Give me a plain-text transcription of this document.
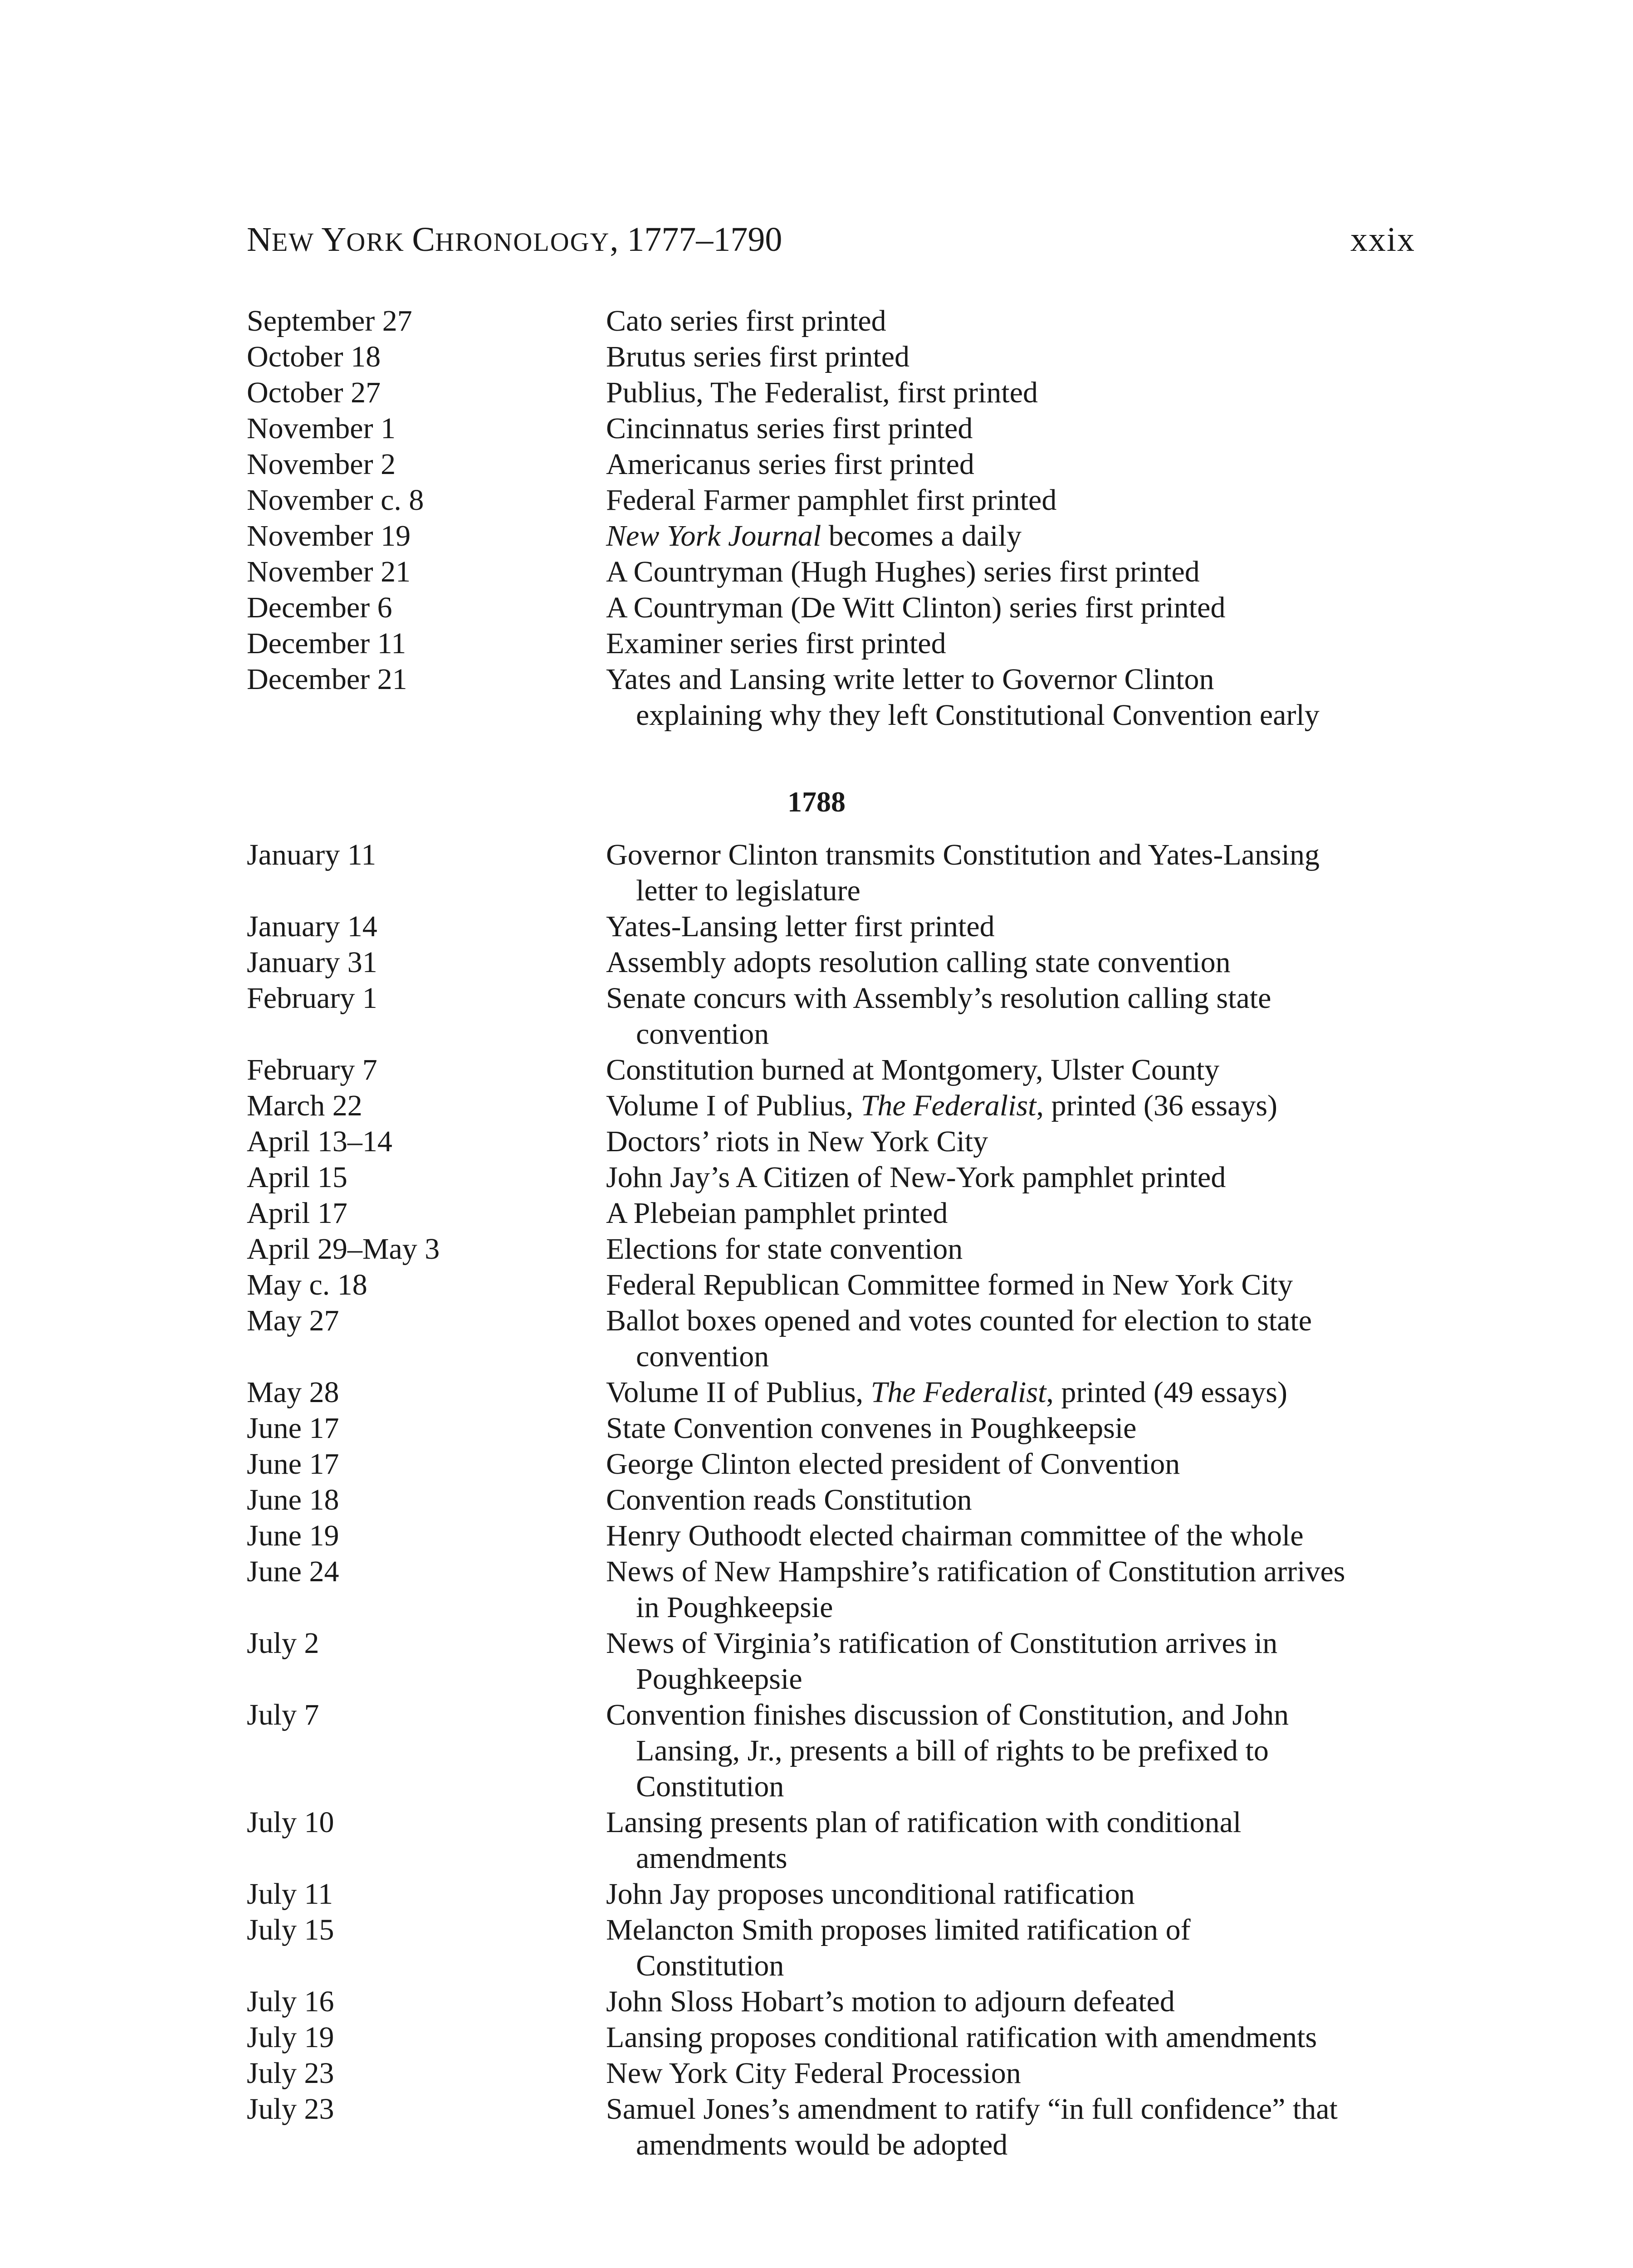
NEW YORK CHRONOLOGY, 1777–1790	xxix
September 27	Cato series first printed
October 18	Brutus series first printed
October 27	Publius, The Federalist, first printed
November 1	Cincinnatus series first printed
November 2	Americanus series first printed
November c. 8	Federal Farmer pamphlet first printed
November 19	New York Journal becomes a daily
November 21	A Countryman (Hugh Hughes) series first printed
December 6	A Countryman (De Witt Clinton) series first printed
December 11	Examiner series first printed
December 21	Yates and Lansing write letter to Governor Clinton
explaining why they left Constitutional Convention early
1788
January 11	Governor Clinton transmits Constitution and Yates-Lansing
letter to legislature
January 14	Yates-Lansing letter first printed
January 31	Assembly adopts resolution calling state convention
February 1	Senate concurs with Assembly’s resolution calling state
convention
February 7	Constitution burned at Montgomery, Ulster County
March 22	Volume I of Publius, The Federalist, printed (36 essays)
April 13–14	Doctors’ riots in New York City
April 15	John Jay’s A Citizen of New-York pamphlet printed
April 17	A Plebeian pamphlet printed
April 29–May 3	Elections for state convention
May c. 18	Federal Republican Committee formed in New York City
May 27	Ballot boxes opened and votes counted for election to state
convention
May 28	Volume II of Publius, The Federalist, printed (49 essays)
June 17	State Convention convenes in Poughkeepsie
June 17	George Clinton elected president of Convention
June 18	Convention reads Constitution
June 19	Henry Outhoodt elected chairman committee of the whole
June 24	News of New Hampshire’s ratification of Constitution arrives
in Poughkeepsie
July 2	News of Virginia’s ratification of Constitution arrives in
Poughkeepsie
July 7	Convention finishes discussion of Constitution, and John
Lansing, Jr., presents a bill of rights to be prefixed to
Constitution
July 10	Lansing presents plan of ratification with conditional
amendments
July 11	John Jay proposes unconditional ratification
July 15	Melancton Smith proposes limited ratification of
Constitution
July 16	John Sloss Hobart’s motion to adjourn defeated
July 19	Lansing proposes conditional ratification with amendments
July 23	New York City Federal Procession
July 23	Samuel Jones’s amendment to ratify “in full confidence” that
amendments would be adopted
